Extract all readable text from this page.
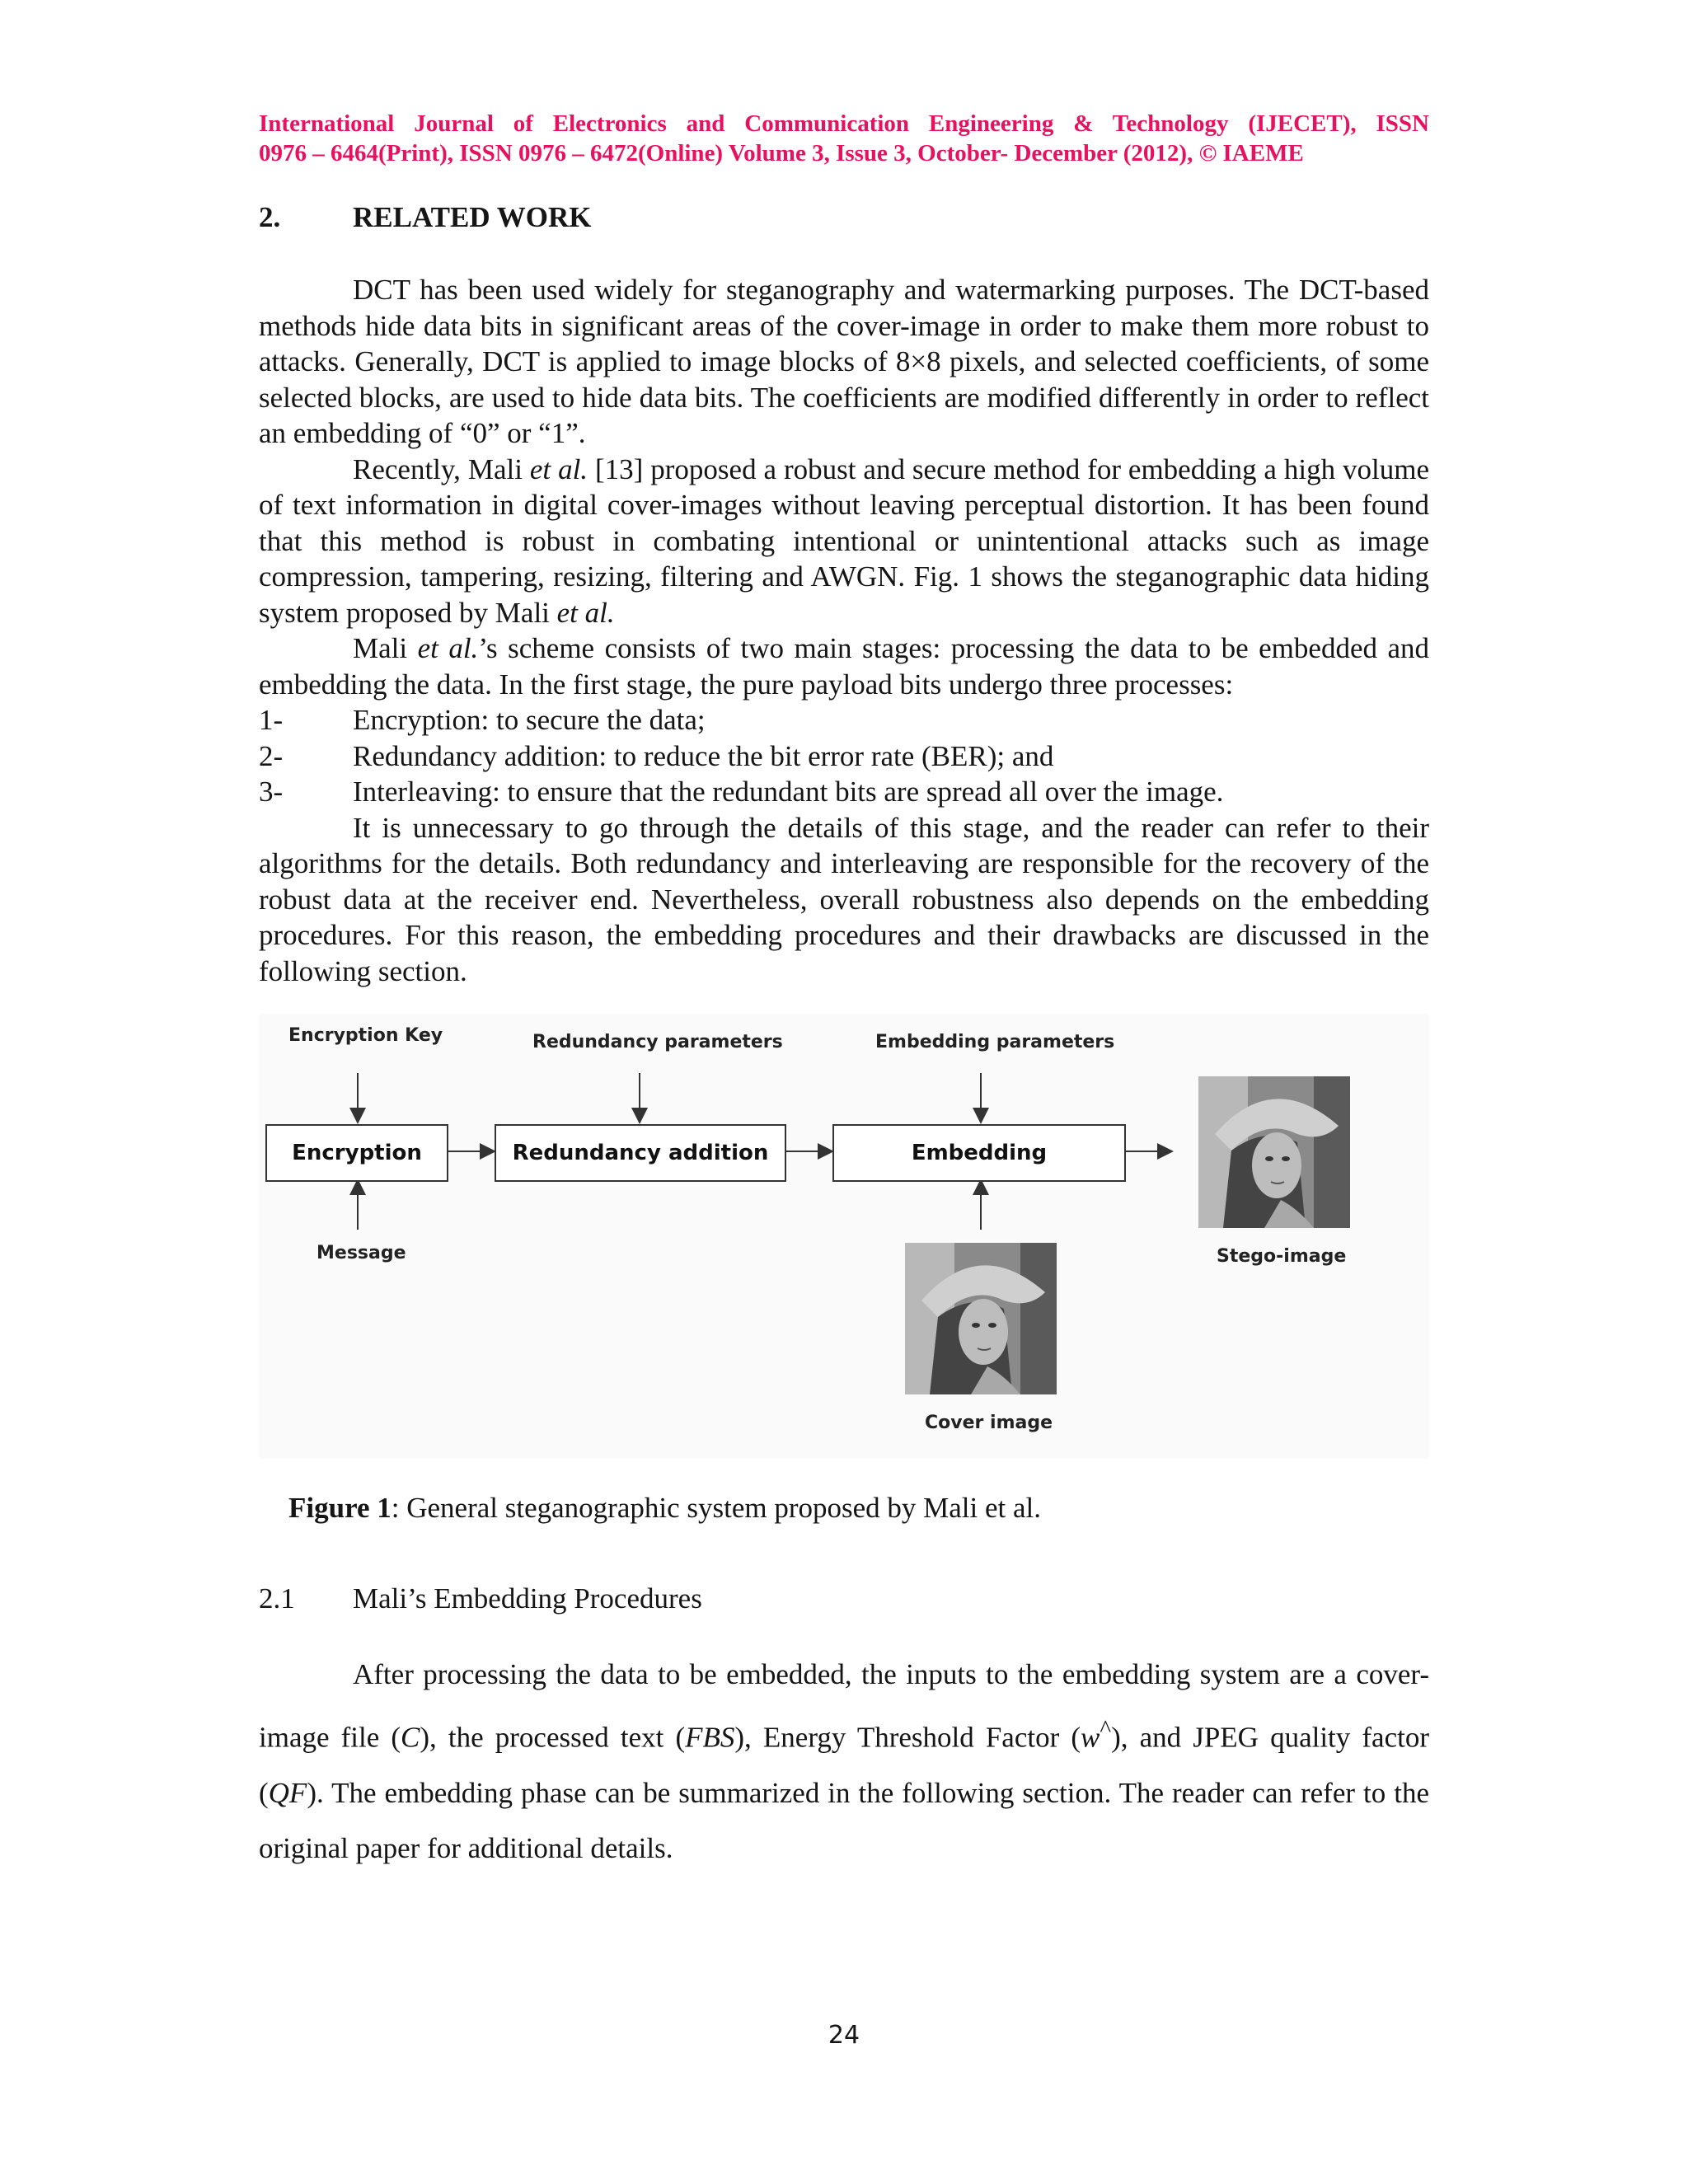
International Journal of Electronics and Communication Engineering & Technology (IJECET), ISSN
0976 – 6464(Print), ISSN 0976 – 6472(Online) Volume 3, Issue 3, October- December (2012), © IAEME
2.	RELATED WORK

DCT has been used widely for steganography and watermarking purposes. The DCT-based methods hide data bits in significant areas of the cover-image in order to make them more robust to attacks. Generally, DCT is applied to image blocks of 8×8 pixels, and selected coefficients, of some selected blocks, are used to hide data bits. The coefficients are modified differently in order to reflect an embedding of “0” or “1”.

Recently, Mali et al. [13] proposed a robust and secure method for embedding a high volume of text information in digital cover-images without leaving perceptual distortion. It has been found that this method is robust in combating intentional or unintentional attacks such as image compression, tampering, resizing, filtering and AWGN. Fig. 1 shows the steganographic data hiding system proposed by Mali et al.

Mali et al.’s scheme consists of two main stages: processing the data to be embedded and embedding the data. In the first stage, the pure payload bits undergo three processes:

1-	Encryption: to secure the data;
2-	Redundancy addition: to reduce the bit error rate (BER); and
3-	Interleaving: to ensure that the redundant bits are spread all over the image.

It is unnecessary to go through the details of this stage, and the reader can refer to their algorithms for the details. Both redundancy and interleaving are responsible for the recovery of the robust data at the receiver end. Nevertheless, overall robustness also depends on the embedding procedures. For this reason, the embedding procedures and their drawbacks are discussed in the following section.

Encryption Key	Redundancy parameters	Embedding parameters
Encryption	Redundancy addition	Embedding
Message
Cover image
Stego-image
Figure 1: General steganographic system proposed by Mali et al.
2.1 Mali’s Embedding Procedures

After processing the data to be embedded, the inputs to the embedding system are a cover-image file (C), the processed text (FBS), Energy Threshold Factor (w^), and JPEG quality factor (QF). The embedding phase can be summarized in the following section. The reader can refer to the original paper for additional details.

24
